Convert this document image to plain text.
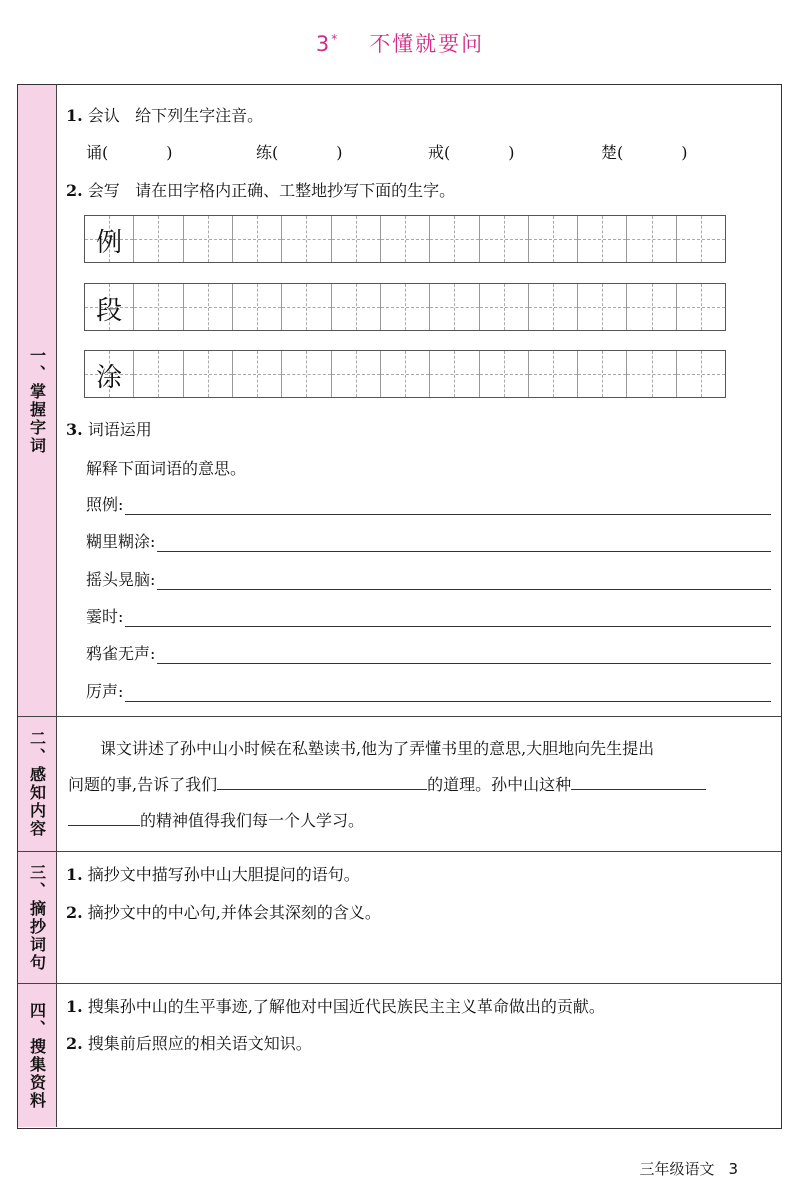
3* 不懂就要问
一、掌握字词
1. 会认 给下列生字注音。
诵(	)	练(	)	戒(	)	楚(	)
2. 会写 请在田字格内正确、工整地抄写下面的生字。
例
段
涂
3. 词语运用
解释下面词语的意思。
照例:
糊里糊涂:
摇头晃脑:
霎时:
鸦雀无声:
厉声:
二、感知内容	课文讲述了孙中山小时候在私塾读书,他为了弄懂书里的意思,大胆地向先生提出
问题的事,告诉了我们	的道理。孙中山这种
的精神值得我们每一个人学习。
三、摘抄词句 1. 摘抄文中描写孙中山大胆提问的语句。
2. 摘抄文中的中心句,并体会其深刻的含义。
四、搜集资料 1. 搜集孙中山的生平事迹,了解他对中国近代民族民主主义革命做出的贡献。
2. 搜集前后照应的相关语文知识。
三年级语文 3
